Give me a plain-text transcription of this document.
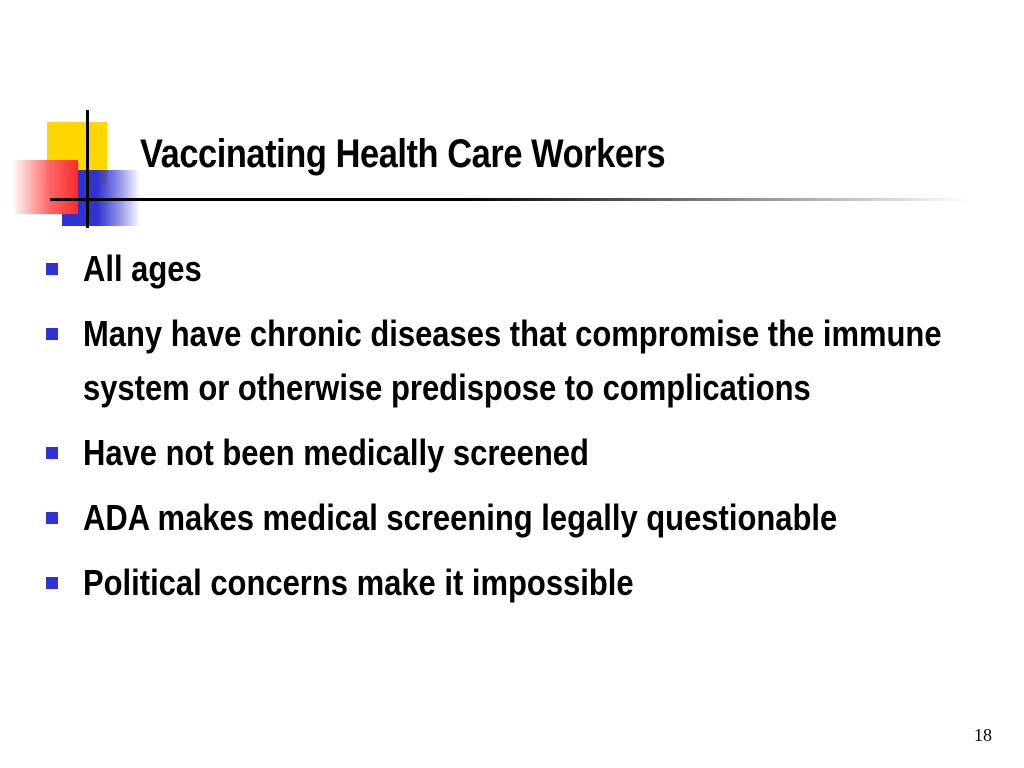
Vaccinating Health Care Workers
All ages
Many have chronic diseases that compromise the immune system or otherwise predispose to complications
Have not been medically screened
ADA makes medical screening legally questionable
Political concerns make it impossible
18
